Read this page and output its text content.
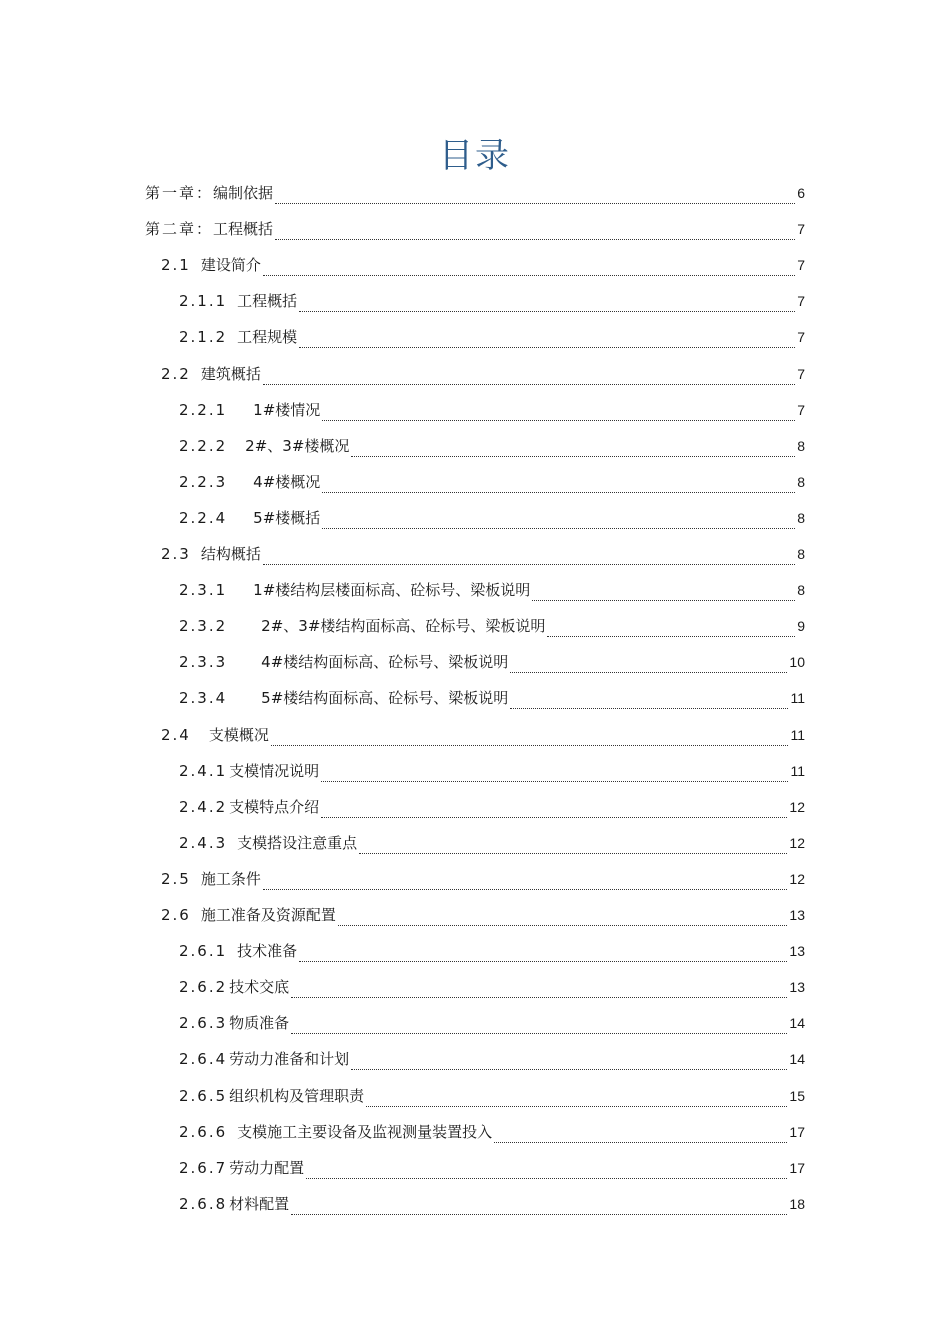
目录
第一章： 编制依据	6
第二章： 工程概括	7
2.1 建设简介	7
2.1.1 工程概括	7
2.1.2 工程规模	7
2.2 建筑概括	7
2.2.1 1#楼情况	7
2.2.2 2#、3#楼概况	8
2.2.3 4#楼概况	8
2.2.4 5#楼概括	8
2.3 结构概括	8
2.3.1 1#楼结构层楼面标高、砼标号、梁板说明	8
2.3.2 2#、3#楼结构面标高、砼标号、梁板说明	9
2.3.3 4#楼结构面标高、砼标号、梁板说明	10
2.3.4 5#楼结构面标高、砼标号、梁板说明	11
2.4 支模概况	11
2.4.1 支模情况说明	11
2.4.2 支模特点介绍	12
2.4.3 支模搭设注意重点	12
2.5 施工条件	12
2.6 施工准备及资源配置	13
2.6.1 技术准备	13
2.6.2 技术交底	13
2.6.3 物质准备	14
2.6.4 劳动力准备和计划	14
2.6.5 组织机构及管理职责	15
2.6.6 支模施工主要设备及监视测量装置投入	17
2.6.7 劳动力配置	17
2.6.8 材料配置	18
